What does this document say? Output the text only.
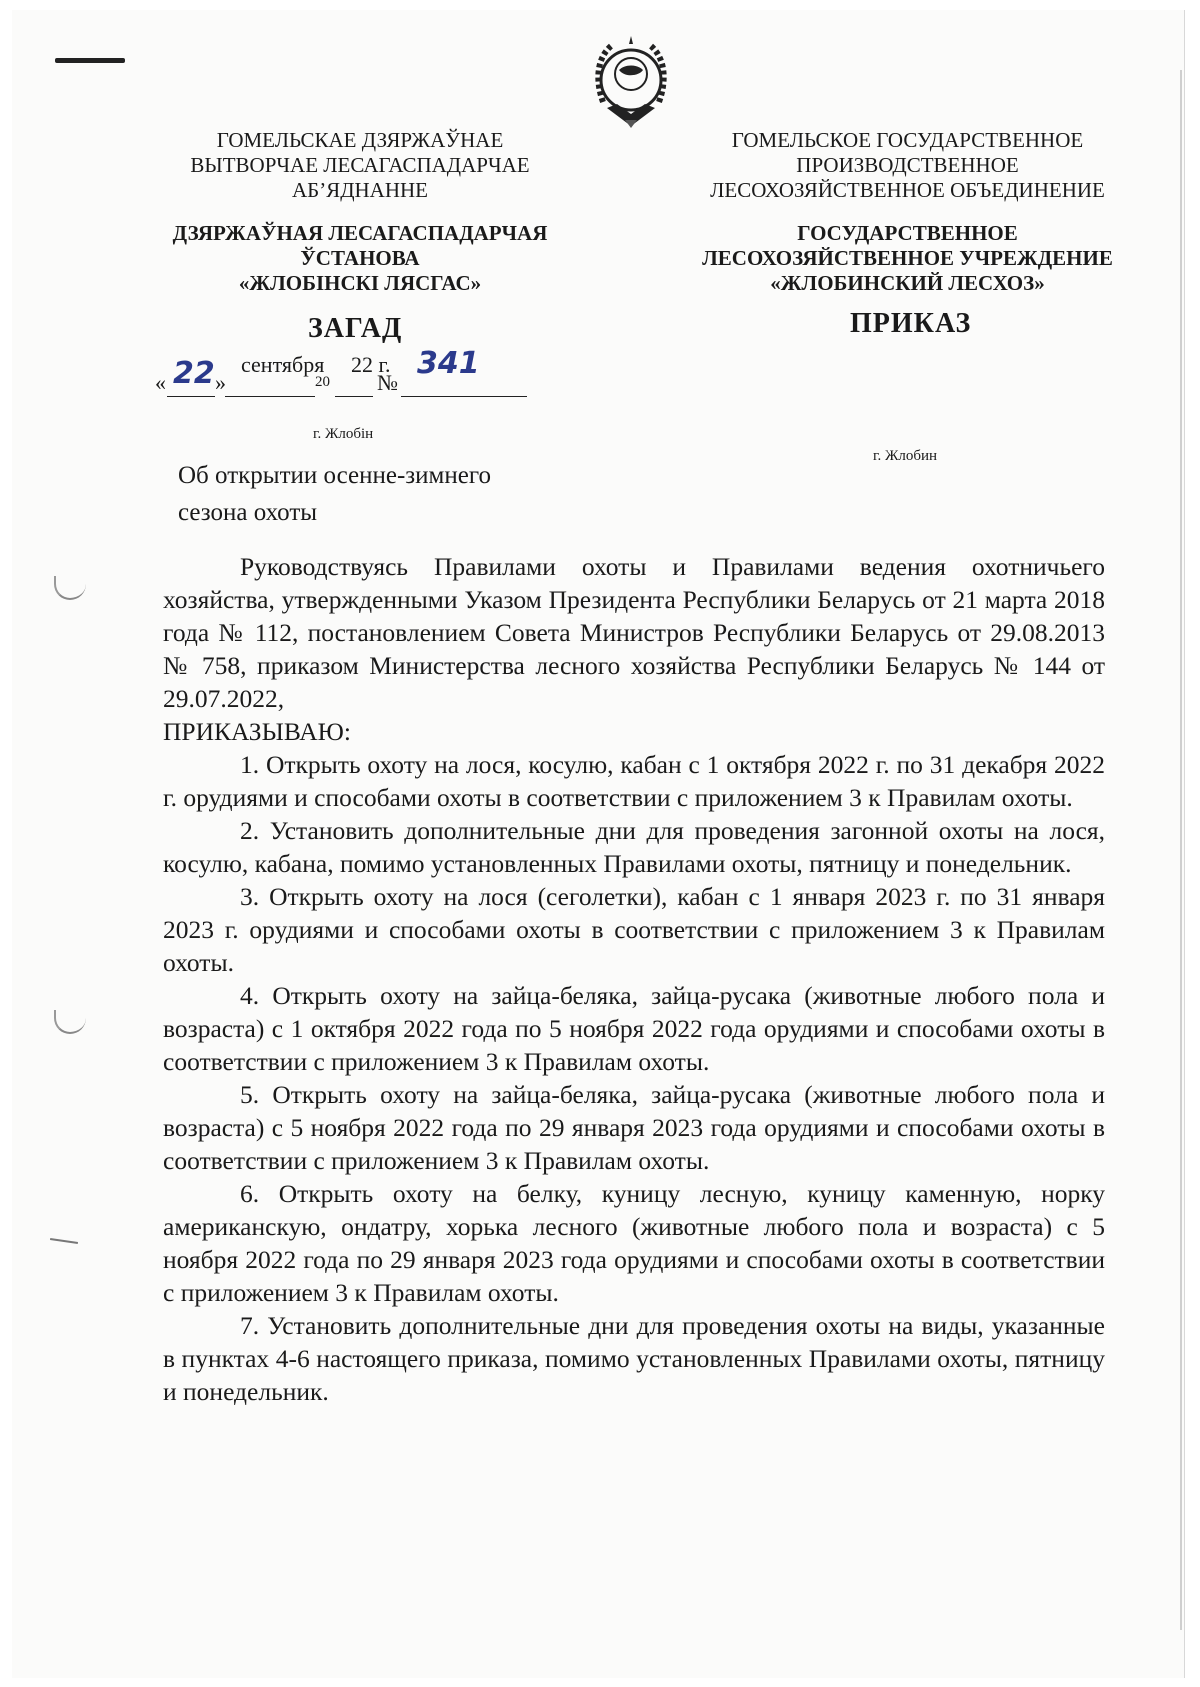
ГОМЕЛЬСКАЕ ДЗЯРЖАЎНАЕ
ВЫТВОРЧАЕ ЛЕСАГАСПАДАРЧАЕ
АБ’ЯДНАННЕ
ДЗЯРЖАЎНАЯ ЛЕСАГАСПАДАРЧАЯ
ЎСТАНОВА
«ЖЛОБІНСКІ ЛЯСГАС»
ГОМЕЛЬСКОЕ ГОСУДАРСТВЕННОЕ
ПРОИЗВОДСТВЕННОЕ
ЛЕСОХОЗЯЙСТВЕННОЕ ОБЪЕДИНЕНИЕ
ГОСУДАРСТВЕННОЕ
ЛЕСОХОЗЯЙСТВЕННОЕ УЧРЕЖДЕНИЕ
«ЖЛОБИНСКИЙ ЛЕСХОЗ»
ЗАГАД	ПРИКАЗ
« 22 »
сентября
20
22 г.
№
341
г. Жлобін
г. Жлобин
Об открытии осенне-зимнего
сезона охоты

Руководствуясь Правилами охоты и Правилами ведения охотничьего хозяйства, утвержденными Указом Президента Республики Беларусь от 21 марта 2018 года № 112, постановлением Совета Министров Республики Беларусь от 29.08.2013 № 758, приказом Министерства лесного хозяйства Республики Беларусь № 144 от 29.07.2022,

ПРИКАЗЫВАЮ:

1. Открыть охоту на лося, косулю, кабан с 1 октября 2022 г. по 31 декабря 2022 г. орудиями и способами охоты в соответствии с приложением 3 к Правилам охоты.

2. Установить дополнительные дни для проведения загонной охоты на лося, косулю, кабана, помимо установленных Правилами охоты, пятницу и понедельник.

3. Открыть охоту на лося (сеголетки), кабан с 1 января 2023 г. по 31 января 2023 г. орудиями и способами охоты в соответствии с приложением 3 к Правилам охоты.

4. Открыть охоту на зайца-беляка, зайца-русака (животные любого пола и возраста) с 1 октября 2022 года по 5 ноября 2022 года орудиями и способами охоты в соответствии с приложением 3 к Правилам охоты.

5. Открыть охоту на зайца-беляка, зайца-русака (животные любого пола и возраста) с 5 ноября 2022 года по 29 января 2023 года орудиями и способами охоты в соответствии с приложением 3 к Правилам охоты.

6. Открыть охоту на белку, куницу лесную, куницу каменную, норку американскую, ондатру, хорька лесного (животные любого пола и возраста) с 5 ноября 2022 года по 29 января 2023 года орудиями и способами охоты в соответствии с приложением 3 к Правилам охоты.

7. Установить дополнительные дни для проведения охоты на виды, указанные в пунктах 4-6 настоящего приказа, помимо установленных Правилами охоты, пятницу и понедельник.
